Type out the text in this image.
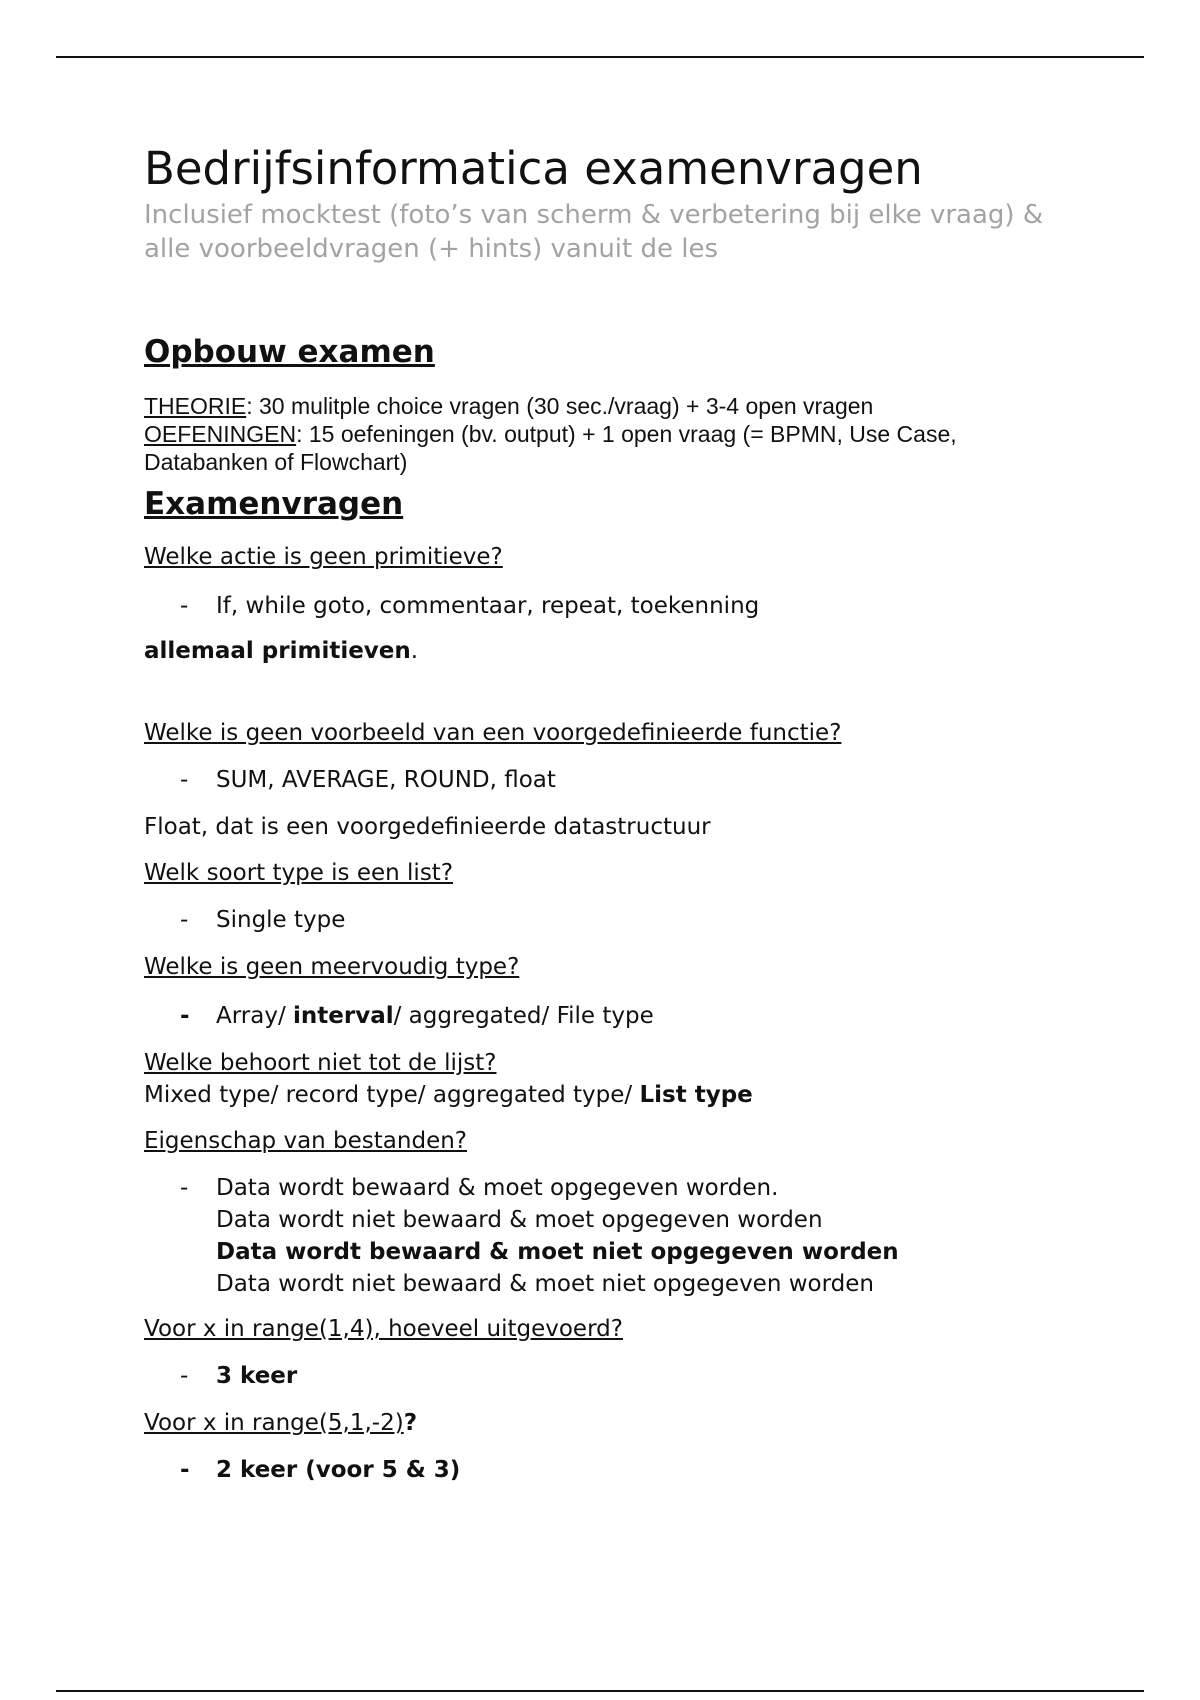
Bedrijfsinformatica examenvragen

Inclusief mocktest (foto’s van scherm & verbetering bij elke vraag) & alle voorbeeldvragen (+ hints) vanuit de les

Opbouw examen
THEORIE: 30 mulitple choice vragen (30 sec./vraag) + 3-4 open vragen
OEFENINGEN: 15 oefeningen (bv. output) + 1 open vraag (= BPMN, Use Case, Databanken of Flowchart)
Examenvragen

Welke actie is geen primitieve?

- If, while goto, commentaar, repeat, toekenning

allemaal primitieven.

Welke is geen voorbeeld van een voorgedefinieerde functie?

- SUM, AVERAGE, ROUND, float

Float, dat is een voorgedefinieerde datastructuur

Welk soort type is een list?

- Single type

Welke is geen meervoudig type?

- Array/ interval/ aggregated/ File type

Welke behoort niet tot de lijst?

Mixed type/ record type/ aggregated type/ List type

Eigenschap van bestanden?

- Data wordt bewaard & moet opgegeven worden.
Data wordt niet bewaard & moet opgegeven worden
Data wordt bewaard & moet niet opgegeven worden
Data wordt niet bewaard & moet niet opgegeven worden

Voor x in range(1,4), hoeveel uitgevoerd?

- 3 keer

Voor x in range(5,1,-2)?

- 2 keer (voor 5 & 3)
